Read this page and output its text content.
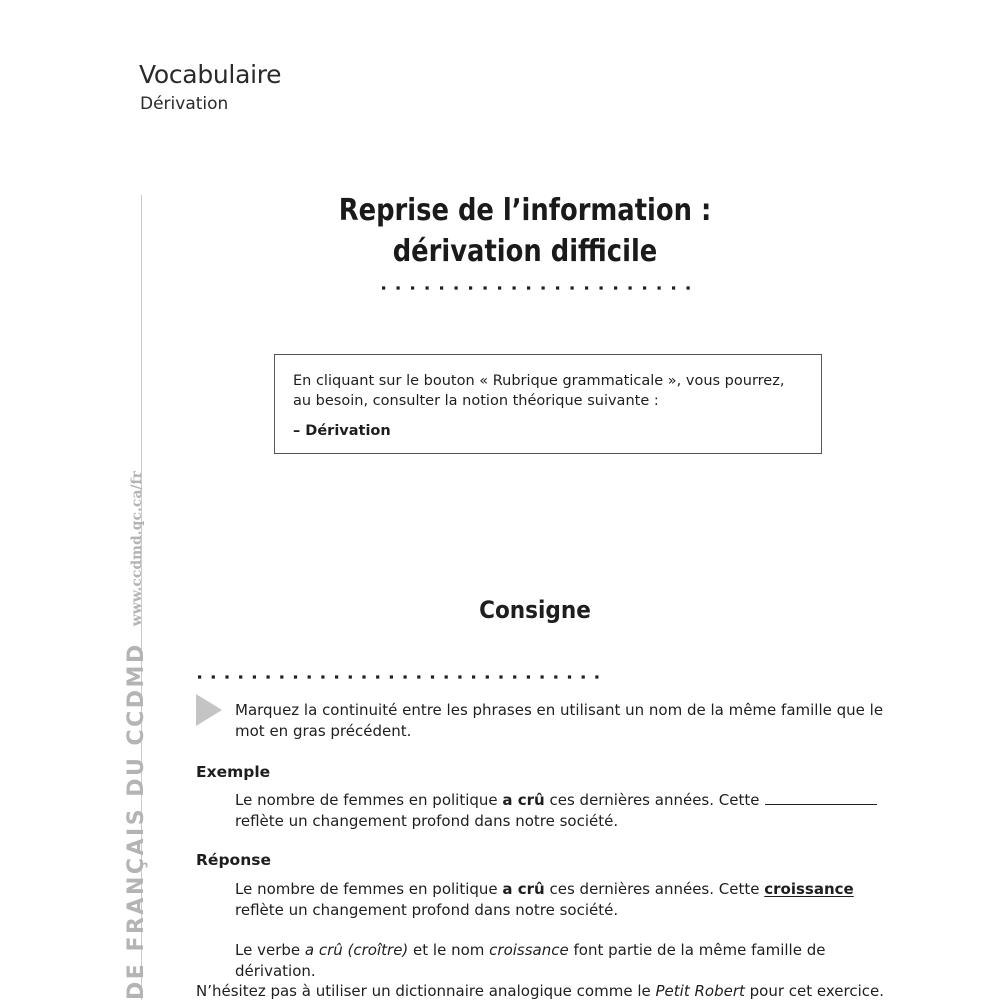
Vocabulaire
Dérivation
DE FRANÇAIS DU CCDMDwww.ccdmd.qc.ca/fr
Reprise de l’information :
dérivation difficile
En cliquant sur le bouton « Rubrique grammaticale », vous pourrez, au besoin, consulter la notion théorique suivante :
– Dérivation
Consigne
Marquez la continuité entre les phrases en utilisant un nom de la même famille que le mot en gras précédent.
Exemple
Le nombre de femmes en politique a crû ces dernières années. Cette
reflète un changement profond dans notre société.
Réponse
Le nombre de femmes en politique a crû ces dernières années. Cette croissance reflète un changement profond dans notre société.
Le verbe a crû (croître) et le nom croissance font partie de la même famille de dérivation.
N’hésitez pas à utiliser un dictionnaire analogique comme le Petit Robert pour cet exercice.
